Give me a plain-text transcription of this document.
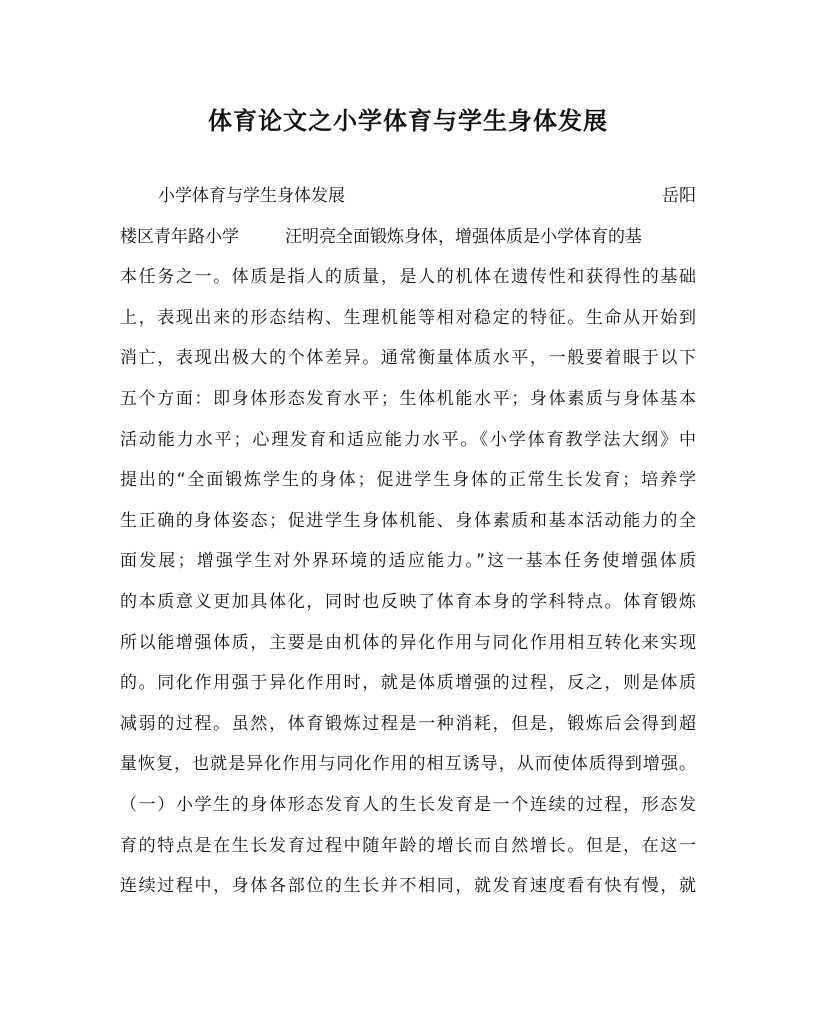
体育论文之小学体育与学生身体发展
小学体育与学生身体发展	岳阳
楼区青年路小学	汪明亮全面锻炼身体，增强体质是小学体育的基
本任务之一。体质是指人的质量，是人的机体在遗传性和获得性的基础
上，表现出来的形态结构、生理机能等相对稳定的特征。生命从开始到
消亡，表现出极大的个体差异。通常衡量体质水平，一般要着眼于以下
五个方面：即身体形态发育水平；生体机能水平；身体素质与身体基本
活动能力水平；心理发育和适应能力水平。《小学体育教学法大纲》中
提出的“全面锻炼学生的身体；促进学生身体的正常生长发育；培养学
生正确的身体姿态；促进学生身体机能、身体素质和基本活动能力的全
面发展；增强学生对外界环境的适应能力。”这一基本任务使增强体质
的本质意义更加具体化，同时也反映了体育本身的学科特点。体育锻炼
所以能增强体质，主要是由机体的异化作用与同化作用相互转化来实现
的。同化作用强于异化作用时，就是体质增强的过程，反之，则是体质
减弱的过程。虽然，体育锻炼过程是一种消耗，但是，锻炼后会得到超
量恢复，也就是异化作用与同化作用的相互诱导，从而使体质得到增强。
（一）小学生的身体形态发育人的生长发育是一个连续的过程，形态发
育的特点是在生长发育过程中随年龄的增长而自然增长。但是，在这一
连续过程中，身体各部位的生长并不相同，就发育速度看有快有慢，就
